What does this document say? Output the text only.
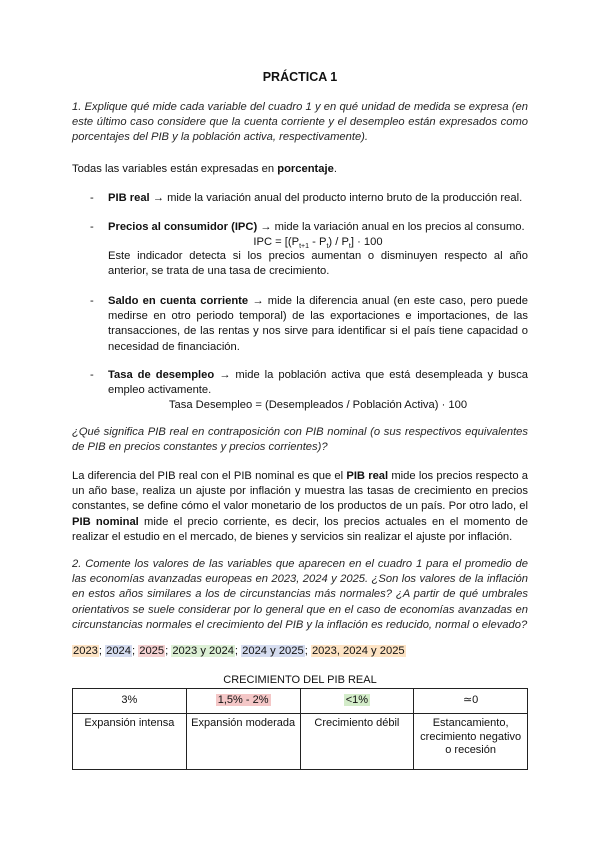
PRÁCTICA 1

1. Explique qué mide cada variable del cuadro 1 y en qué unidad de medida se expresa (en este último caso considere que la cuenta corriente y el desempleo están expresados como porcentajes del PIB y la población activa, respectivamente).

Todas las variables están expresadas en porcentaje.

- PIB real → mide la variación anual del producto interno bruto de la producción real.

- Precios al consumidor (IPC) → mide la variación anual en los precios al consumo.

IPC = $[(P_{t+1} - P_t) / P_t] \cdot 100$

Este indicador detecta si los precios aumentan o disminuyen respecto al año anterior, se trata de una tasa de crecimiento.

- Saldo en cuenta corriente → mide la diferencia anual (en este caso, pero puede medirse en otro periodo temporal) de las exportaciones e importaciones, de las transacciones, de las rentas y nos sirve para identificar si el país tiene capacidad o necesidad de financiación.

- Tasa de desempleo → mide la población activa que está desempleada y busca empleo activamente.

Tasa Desempleo = (Desempleados / Población Activa) · 100

¿Qué significa PIB real en contraposición con PIB nominal (o sus respectivos equivalentes de PIB en precios constantes y precios corrientes)?

La diferencia del PIB real con el PIB nominal es que el PIB real mide los precios respecto a un año base, realiza un ajuste por inflación y muestra las tasas de crecimiento en precios constantes, se define cómo el valor monetario de los productos de un país. Por otro lado, el PIB nominal mide el precio corriente, es decir, los precios actuales en el momento de realizar el estudio en el mercado, de bienes y servicios sin realizar el ajuste por inflación.

2. Comente los valores de las variables que aparecen en el cuadro 1 para el promedio de las economías avanzadas europeas en 2023, 2024 y 2025. ¿Son los valores de la inflación en estos años similares a los de circunstancias más normales? ¿A partir de qué umbrales orientativos se suele considerar por lo general que en el caso de economías avanzadas en circunstancias normales el crecimiento del PIB y la inflación es reducido, normal o elevado?

2023; 2024; 2025; 2023 y 2024; 2024 y 2025; 2023, 2024 y 2025
CRECIMIENTO DEL PIB REAL
3%	1,5% - 2%	<1%	≃0
Expansión intensa	Expansión moderada	Crecimiento débil	Estancamiento, crecimiento negativo o recesión
